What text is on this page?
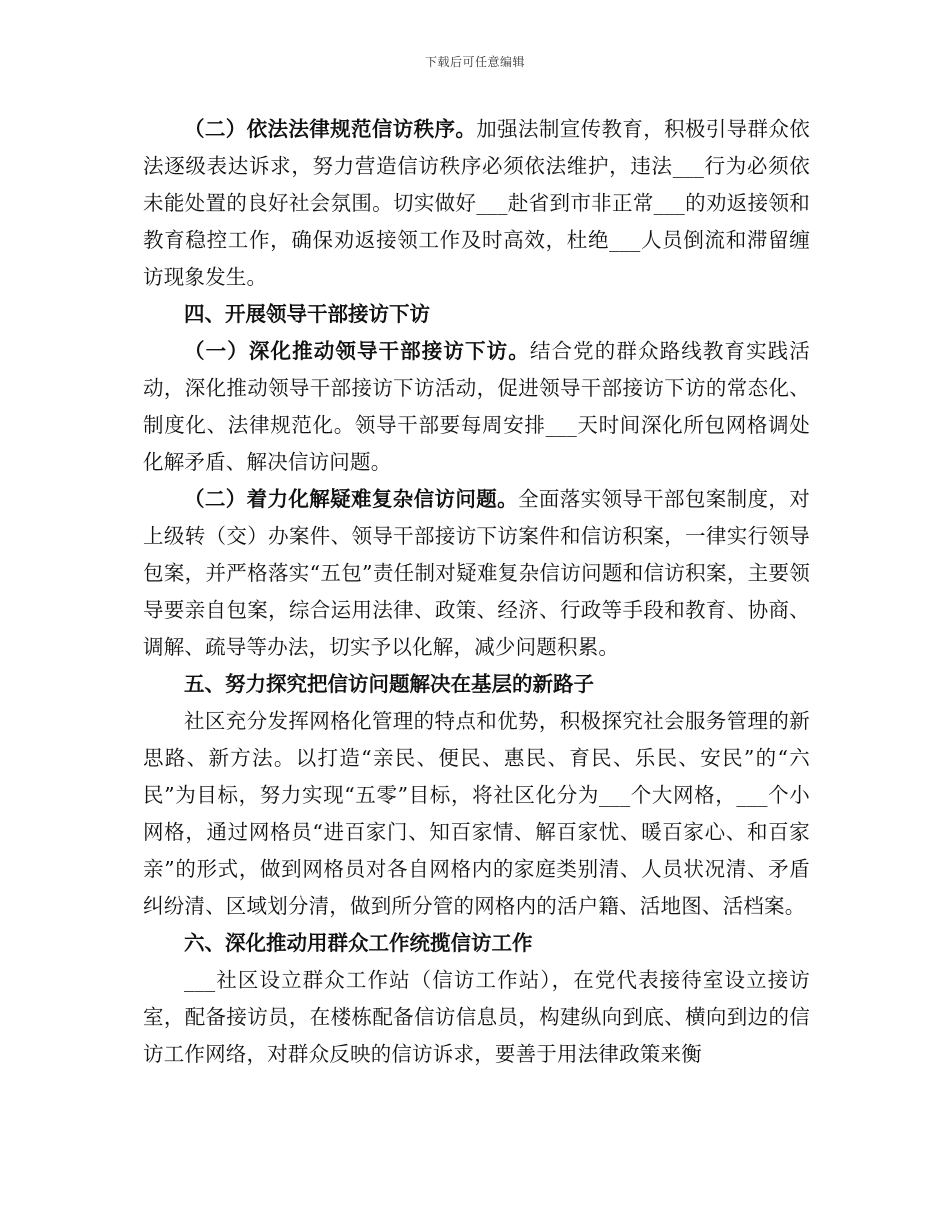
下载后可任意编辑

（二）依法法律规范信访秩序。加强法制宣传教育，积极引导群众依法逐级表达诉求，努力营造信访秩序必须依法维护，违法___行为必须依未能处置的良好社会氛围。切实做好___赴省到市非正常___的劝返接领和教育稳控工作，确保劝返接领工作及时高效，杜绝___人员倒流和滞留缠访现象发生。

四、开展领导干部接访下访

（一）深化推动领导干部接访下访。结合党的群众路线教育实践活动，深化推动领导干部接访下访活动，促进领导干部接访下访的常态化、制度化、法律规范化。领导干部要每周安排___天时间深化所包网格调处化解矛盾、解决信访问题。

（二）着力化解疑难复杂信访问题。全面落实领导干部包案制度，对上级转（交）办案件、领导干部接访下访案件和信访积案，一律实行领导包案，并严格落实“五包”责任制对疑难复杂信访问题和信访积案，主要领导要亲自包案，综合运用法律、政策、经济、行政等手段和教育、协商、调解、疏导等办法，切实予以化解，减少问题积累。

五、努力探究把信访问题解决在基层的新路子

社区充分发挥网格化管理的特点和优势，积极探究社会服务管理的新思路、新方法。以打造“亲民、便民、惠民、育民、乐民、安民”的“六民”为目标，努力实现“五零”目标，将社区化分为___个大网格，___个小网格，通过网格员“进百家门、知百家情、解百家忧、暖百家心、和百家亲”的形式，做到网格员对各自网格内的家庭类别清、人员状况清、矛盾纠纷清、区域划分清，做到所分管的网格内的活户籍、活地图、活档案。

六、深化推动用群众工作统揽信访工作

___社区设立群众工作站（信访工作站），在党代表接待室设立接访室，配备接访员，在楼栋配备信访信息员，构建纵向到底、横向到边的信访工作网络，对群众反映的信访诉求，要善于用法律政策来衡
